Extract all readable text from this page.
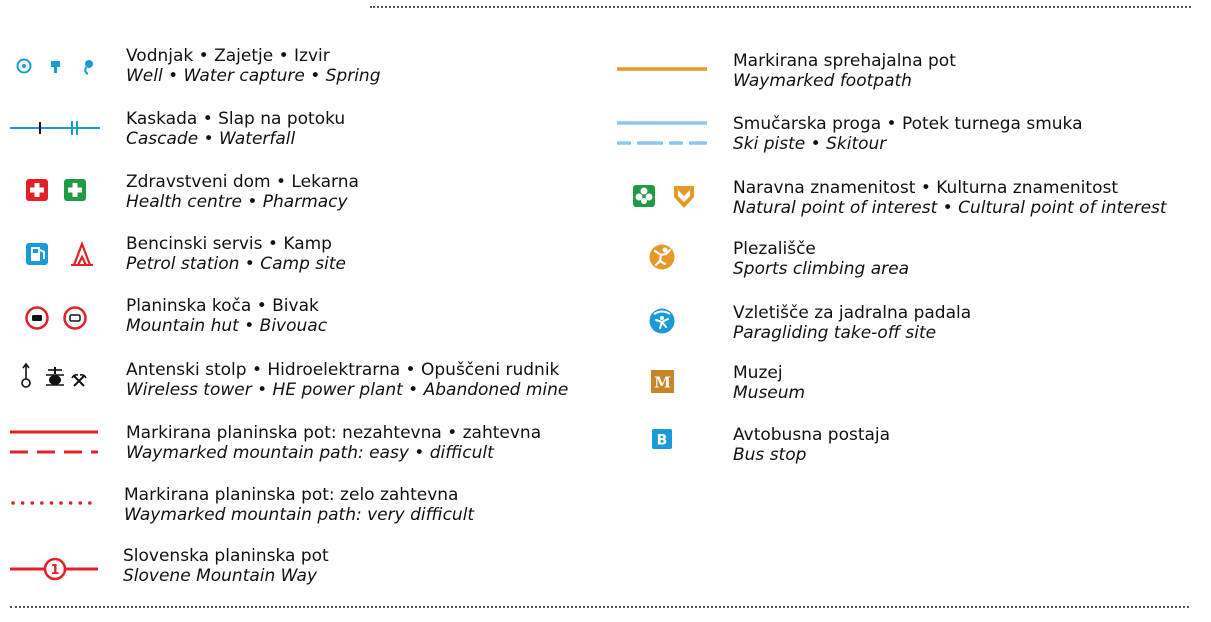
Vodnjak • Zajetje • Izvir
Well • Water capture • Spring
Kaskada • Slap na potoku
Cascade • Waterfall
Zdravstveni dom • Lekarna
Health centre • Pharmacy
Bencinski servis • Kamp
Petrol station • Camp site
Planinska koča • Bivak
Mountain hut • Bivouac
Antenski stolp • Hidroelektrarna • Opuščeni rudnik
Wireless tower • HE power plant • Abandoned mine
Markirana planinska pot: nezahtevna • zahtevna
Waymarked mountain path: easy • difficult
Markirana planinska pot: zelo zahtevna
Waymarked mountain path: very difficult
1
Slovenska planinska pot
Slovene Mountain Way
Markirana sprehajalna pot
Waymarked footpath
Smučarska proga • Potek turnega smuka
Ski piste • Skitour
Naravna znamenitost • Kulturna znamenitost
Natural point of interest • Cultural point of interest
Plezališče
Sports climbing area
Vzletišče za jadralna padala
Paragliding take-off site
M	Muzej
Museum
B	Avtobusna postaja
Bus stop
